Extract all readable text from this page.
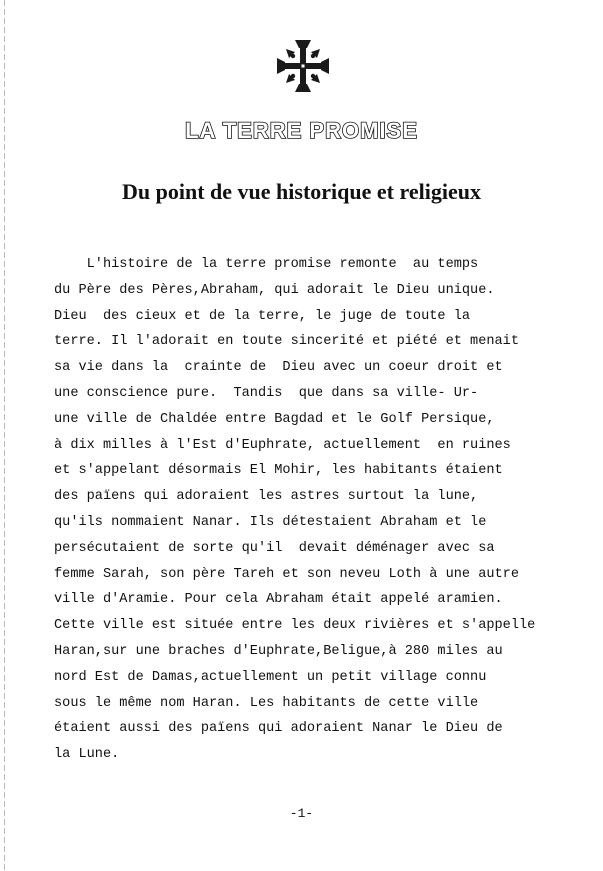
LA TERRE PROMISE
Du point de vue historique et religieux

L'histoire de la terre promise remonte  au temps
du Père des Pères,Abraham, qui adorait le Dieu unique.
Dieu  des cieux et de la terre, le juge de toute la
terre. Il l'adorait en toute sincerité et piété et menait
sa vie dans la  crainte de  Dieu avec un coeur droit et
une conscience pure.  Tandis  que dans sa ville- Ur-
une ville de Chaldée entre Bagdad et le Golf Persique,
à dix milles à l'Est d'Euphrate, actuellement  en ruines
et s'appelant désormais El Mohir, les habitants étaient
des païens qui adoraient les astres surtout la lune,
qu'ils nommaient Nanar. Ils détestaient Abraham et le
persécutaient de sorte qu'il  devait déménager avec sa
femme Sarah, son père Tareh et son neveu Loth à une autre
ville d'Aramie. Pour cela Abraham était appelé aramien.
Cette ville est située entre les deux rivières et s'appelle
Haran,sur une braches d'Euphrate,Beligue,à 280 miles au
nord Est de Damas,actuellement un petit village connu
sous le même nom Haran. Les habitants de cette ville
étaient aussi des païens qui adoraient Nanar le Dieu de
la Lune.

-1-
